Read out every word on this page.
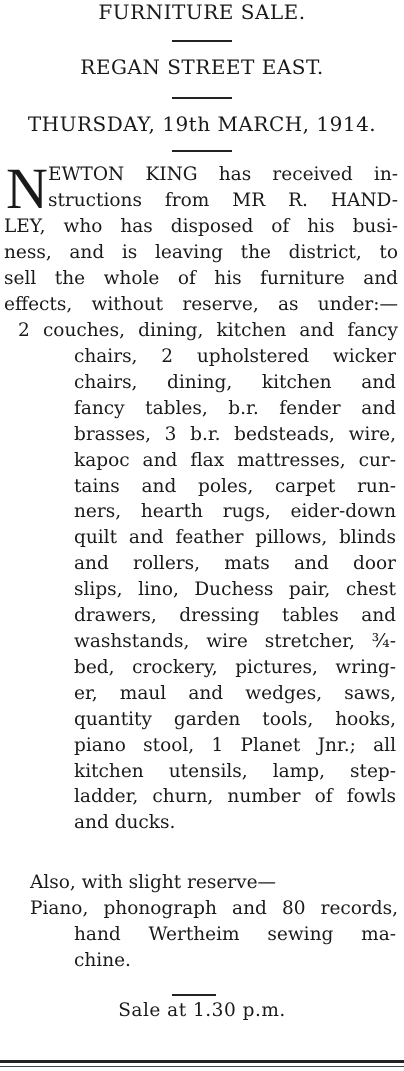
FURNITURE SALE.
REGAN STREET EAST.
THURSDAY, 19th MARCH, 1914.
N EWTON KING has received in-
structions from MR R. HAND-
LEY, who has disposed of his busi-
ness, and is leaving the district, to
sell the whole of his furniture and
effects, without reserve, as under:—
2 couches, dining, kitchen and fancy
chairs, 2 upholstered wicker
chairs, dining, kitchen and
fancy tables, b.r. fender and
brasses, 3 b.r. bedsteads, wire,
kapoc and flax mattresses, cur-
tains and poles, carpet run-
ners, hearth rugs, eider-down
quilt and feather pillows, blinds
and rollers, mats and door
slips, lino, Duchess pair, chest
drawers, dressing tables and
washstands, wire stretcher, ¾-
bed, crockery, pictures, wring-
er, maul and wedges, saws,
quantity garden tools, hooks,
piano stool, 1 Planet Jnr.; all
kitchen utensils, lamp, step-
ladder, churn, number of fowls
and ducks.
Also, with slight reserve—
Piano, phonograph and 80 records,
hand Wertheim sewing ma-
chine.
Sale at 1.30 p.m.
